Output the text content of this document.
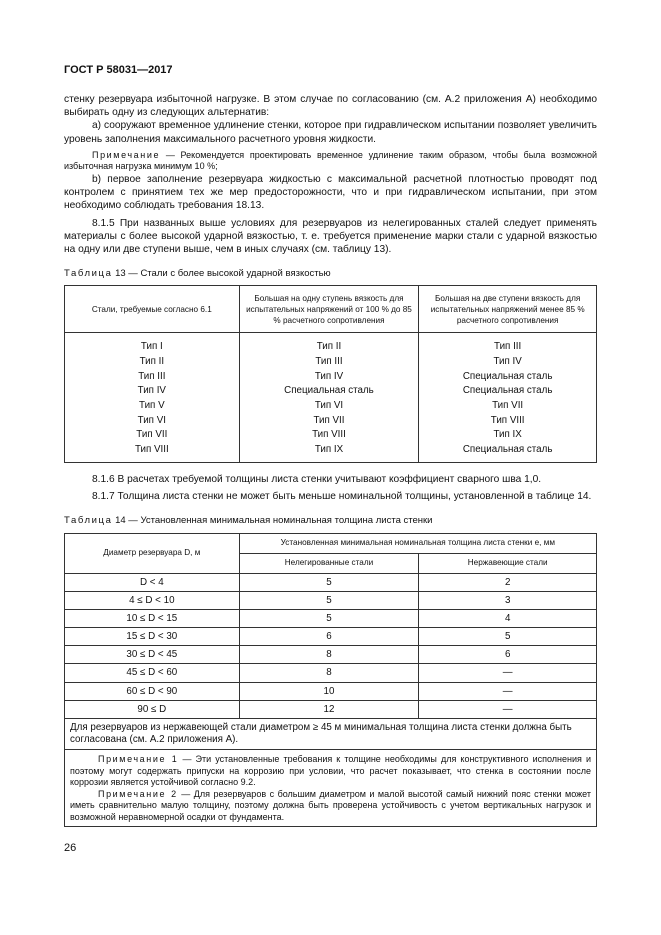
ГОСТ Р 58031—2017

стенку резервуара избыточной нагрузке. В этом случае по согласованию (см. А.2 приложения А) необходимо выбирать одну из следующих альтернатив:

a) сооружают временное удлинение стенки, которое при гидравлическом испытании позволяет увеличить уровень заполнения максимального расчетного уровня жидкости.

Примечание — Рекомендуется проектировать временное удлинение таким образом, чтобы была возможной избыточная нагрузка минимум 10 %;

b) первое заполнение резервуара жидкостью с максимальной расчетной плотностью проводят под контролем с принятием тех же мер предосторожности, что и при гидравлическом испытании, при этом необходимо соблюдать требования 18.13.

8.1.5 При названных выше условиях для резервуаров из нелегированных сталей следует применять материалы с более высокой ударной вязкостью, т. е. требуется применение марки стали с ударной вязкостью на одну или две ступени выше, чем в иных случаях (см. таблицу 13).

Таблица 13 — Стали с более высокой ударной вязкостью

Стали, требуемые согласно 6.1	Большая на одну ступень вязкость для испытательных напряжений от 100 % до 85 % расчетного сопротивления	Большая на две ступени вязкость для испытательных напряжений менее 85 % расчетного сопротивления
Тип I	Тип II	Тип III
Тип II	Тип III	Тип IV
Тип III	Тип IV	Специальная сталь
Тип IV	Специальная сталь	Специальная сталь
Тип V	Тип VI	Тип VII
Тип VI	Тип VII	Тип VIII
Тип VII	Тип VIII	Тип IX
Тип VIII	Тип IX	Специальная сталь

8.1.6 В расчетах требуемой толщины листа стенки учитывают коэффициент сварного шва 1,0.

8.1.7 Толщина листа стенки не может быть меньше номинальной толщины, установленной в таблице 14.

Таблица 14 — Установленная минимальная номинальная толщина листа стенки

Диаметр резервуара D, м	Установленная минимальная номинальная толщина листа стенки e, мм	
	Нелегированные стали	Нержавеющие стали
D < 4	5	2
4 ≤ D < 10	5	3
10 ≤ D < 15	5	4
15 ≤ D < 30	6	5
30 ≤ D < 45	8	6
45 ≤ D < 60	8	—
60 ≤ D < 90	10	—
90 ≤ D	12	—
Для резервуаров из нержавеющей стали диаметром ≥ 45 м минимальная толщина листа стенки должна быть согласована (см. А.2 приложения А).		

Примечание 1 — Эти установленные требования к толщине необходимы для конструктивного исполнения и поэтому могут содержать припуски на коррозию при условии, что расчет показывает, что стенка в состоянии после коррозии является устойчивой согласно 9.2.

Примечание 2 — Для резервуаров с большим диаметром и малой высотой самый нижний пояс стенки может иметь сравнительно малую толщину, поэтому должна быть проверена устойчивость с учетом вертикальных нагрузок и возможной неравномерной осадки от фундамента.		

26
